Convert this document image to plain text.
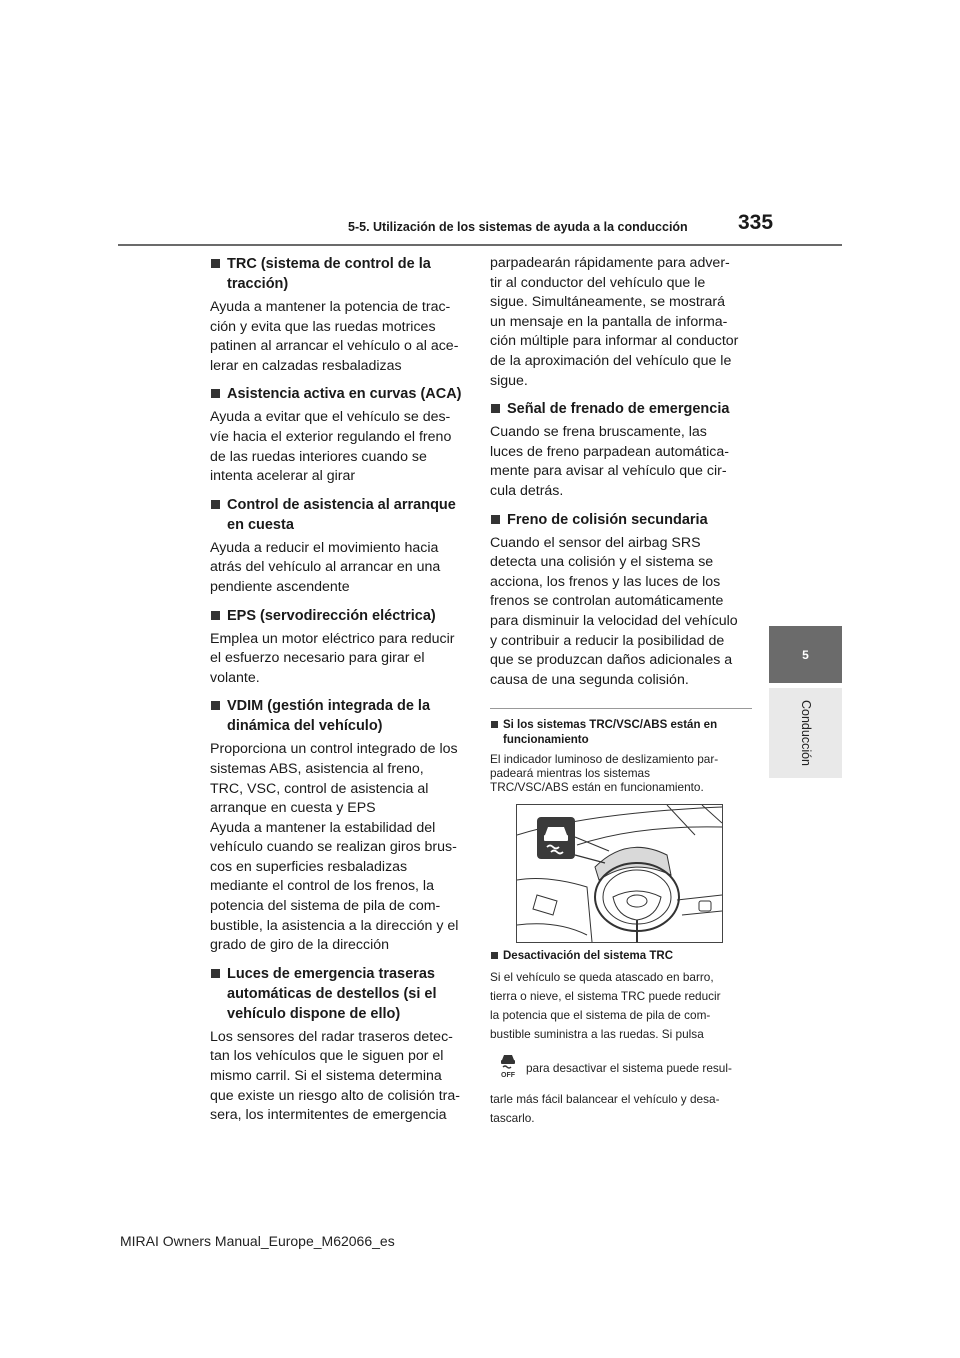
5-5. Utilización de los sistemas de ayuda a la conducción 335
5
Conducción
TRC (sistema de control de la
tracción)
Ayuda a mantener la potencia de trac-
ción y evita que las ruedas motrices
patinen al arrancar el vehículo o al ace-
lerar en calzadas resbaladizas
Asistencia activa en curvas (ACA)
Ayuda a evitar que el vehículo se des-
víe hacia el exterior regulando el freno
de las ruedas interiores cuando se
intenta acelerar al girar
Control de asistencia al arranque
en cuesta
Ayuda a reducir el movimiento hacia
atrás del vehículo al arrancar en una
pendiente ascendente
EPS (servodirección eléctrica)
Emplea un motor eléctrico para reducir
el esfuerzo necesario para girar el
volante.
VDIM (gestión integrada de la
dinámica del vehículo)
Proporciona un control integrado de los
sistemas ABS, asistencia al freno,
TRC, VSC, control de asistencia al
arranque en cuesta y EPS
Ayuda a mantener la estabilidad del
vehículo cuando se realizan giros brus-
cos en superficies resbaladizas
mediante el control de los frenos, la
potencia del sistema de pila de com-
bustible, la asistencia a la dirección y el
grado de giro de la dirección
Luces de emergencia traseras
automáticas de destellos (si el
vehículo dispone de ello)
Los sensores del radar traseros detec-
tan los vehículos que le siguen por el
mismo carril. Si el sistema determina
que existe un riesgo alto de colisión tra-
sera, los intermitentes de emergencia
parpadearán rápidamente para adver-
tir al conductor del vehículo que le
sigue. Simultáneamente, se mostrará
un mensaje en la pantalla de informa-
ción múltiple para informar al conductor
de la aproximación del vehículo que le
sigue.
Señal de frenado de emergencia
Cuando se frena bruscamente, las
luces de freno parpadean automática-
mente para avisar al vehículo que cir-
cula detrás.
Freno de colisión secundaria
Cuando el sensor del airbag SRS
detecta una colisión y el sistema se
acciona, los frenos y las luces de los
frenos se controlan automáticamente
para disminuir la velocidad del vehículo
y contribuir a reducir la posibilidad de
que se produzcan daños adicionales a
causa de una segunda colisión.
Si los sistemas TRC/VSC/ABS están en
funcionamiento
El indicador luminoso de deslizamiento par-
padeará mientras los sistemas
TRC/VSC/ABS están en funcionamiento.
Desactivación del sistema TRC
Si el vehículo se queda atascado en barro,
tierra o nieve, el sistema TRC puede reducir
la potencia que el sistema de pila de com-
bustible suministra a las ruedas. Si pulsa
OFF
para desactivar el sistema puede resul-
tarle más fácil balancear el vehículo y desa-
tascarlo.
MIRAI Owners Manual_Europe_M62066_es
